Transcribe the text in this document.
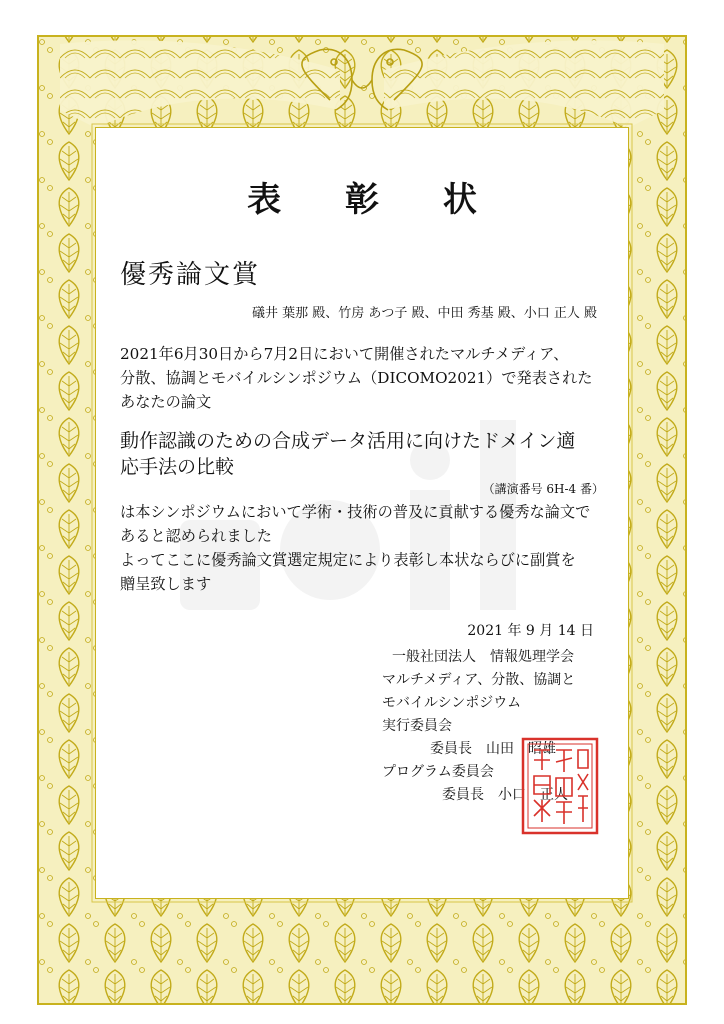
表 彰 状
優秀論文賞
礒井 葉那 殿、竹房 あつ子 殿、中田 秀基 殿、小口 正人 殿
2021年6月30日から7月2日において開催されたマルチメディア、
分散、協調とモバイルシンポジウム（DICOMO2021）で発表された
あなたの論文
動作認識のための合成データ活用に向けたドメイン適
応手法の比較
（講演番号 6H-4 番）
は本シンポジウムにおいて学術・技術の普及に貢献する優秀な論文で
あると認められました
よってここに優秀論文賞選定規定により表彰し本状ならびに副賞を
贈呈致します
2021 年 9 月 14 日
一般社団法人　情報処理学会
マルチメディア、分散、協調と
モバイルシンポジウム
実行委員会
委員長　山田　昭雄
プログラム委員会
委員長　小口　正人
